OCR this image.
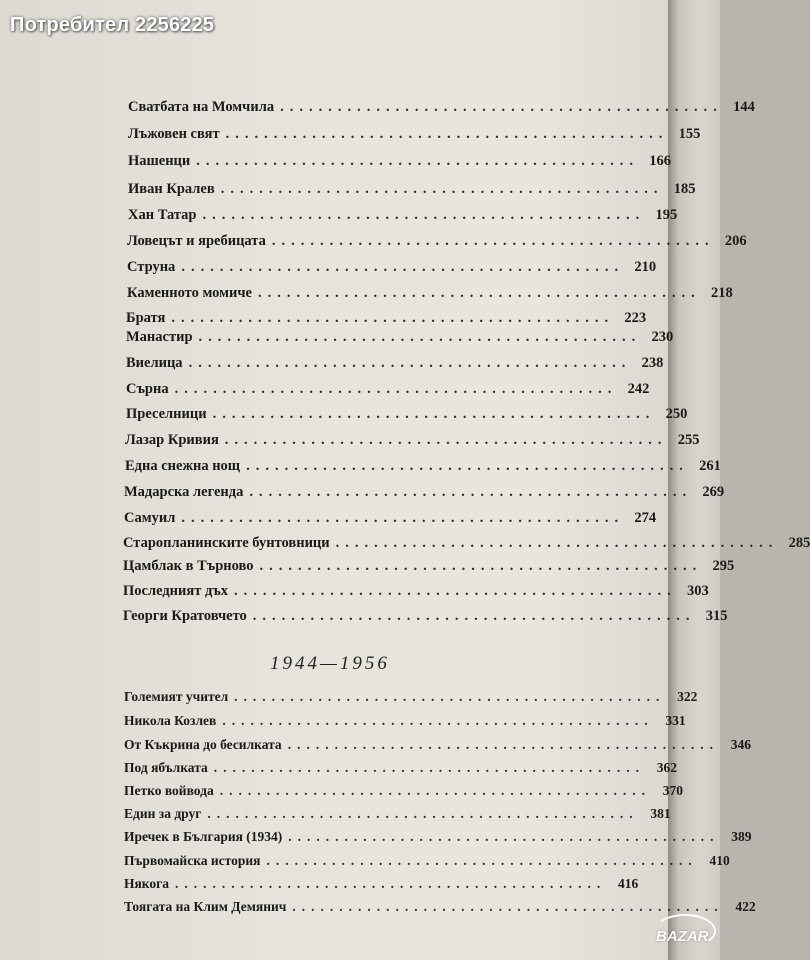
Потребител 2256225
Сватбата на Момчила .............................................. 144
Лъжовен свят .............................................. 155
Нашенци .............................................. 166
Иван Кралев .............................................. 185
Хан Татар .............................................. 195
Ловецът и яребицата .............................................. 206
Струна .............................................. 210
Каменното момиче .............................................. 218
Братя .............................................. 223
Манастир .............................................. 230
Виелица .............................................. 238
Сърна .............................................. 242
Преселници .............................................. 250
Лазар Кривия .............................................. 255
Една снежна нощ .............................................. 261
Мадарска легенда .............................................. 269
Самуил .............................................. 274
Старопланинските бунтовници .............................................. 285
Цамблак в Търново .............................................. 295
Последният дъх .............................................. 303
Георги Кратовчето .............................................. 315
1944—1956
Големият учител .............................................. 322
Никола Козлев .............................................. 331
От Къкрина до бесилката .............................................. 346
Под ябълката .............................................. 362
Петко войвода .............................................. 370
Един за друг .............................................. 381
Иречек в България (1934) .............................................. 389
Първомайска история .............................................. 410
Някога .............................................. 416
Тоягата на Клим Демянич .............................................. 422
BAZAR
